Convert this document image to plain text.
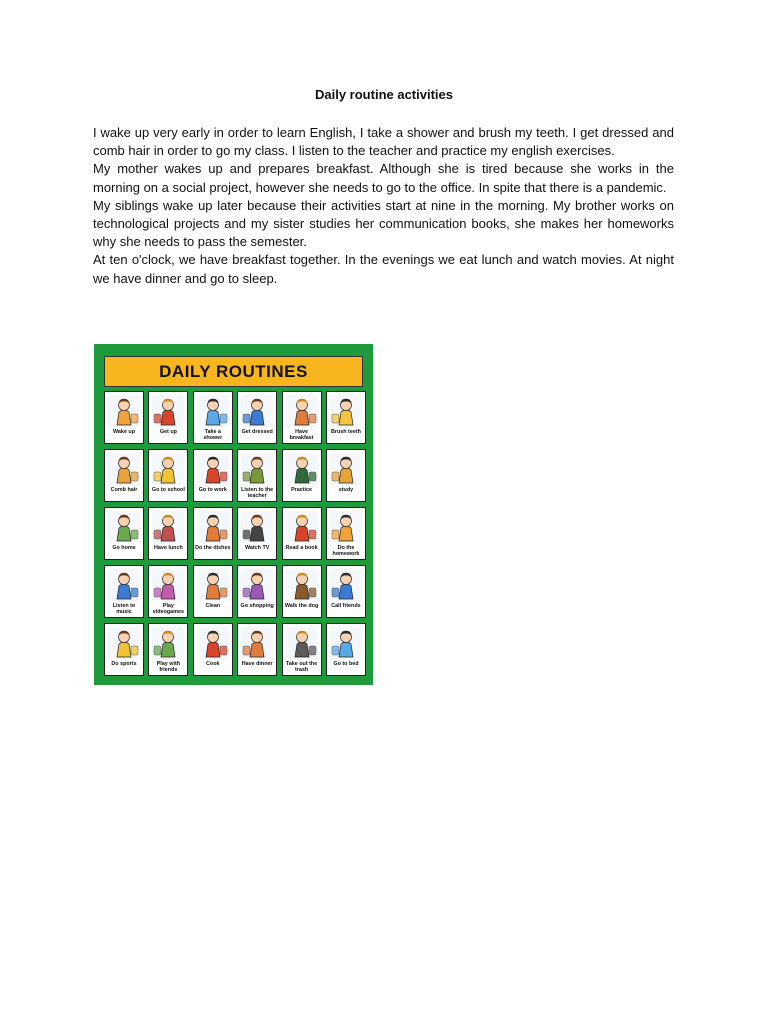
Daily routine activities

I wake up very early in order to learn English, I take a shower and brush my teeth. I get dressed and comb hair in order to go my class. I listen to the teacher and practice my english exercises.

My mother wakes up and prepares breakfast. Although she is tired because she works in the morning on a social project, however she needs to go to the office. In spite that there is a pandemic.

My siblings wake up later because their activities start at nine in the morning. My brother works on technological projects and my sister studies her communication books, she makes her homeworks why she needs to pass the semester.

At ten o'clock, we have breakfast together. In the evenings we eat lunch and watch movies. At night we have dinner and go to sleep.

DAILY ROUTINES
Wake up	Get up	Take a shower
Get dressed	Have breakfast
Brush teeth
Comb hair	Go to school	Go to work	Listen to the teacher
Practice	study
Go home	Have lunch Do the dishes	Watch TV	Read a book	Do the homework
Listen to music
Play videogames
Clean	Go shopping Walk the dog Call friends
Do sports	Play with friends
Cook	Have dinner	Take out the trash
Go to bed
